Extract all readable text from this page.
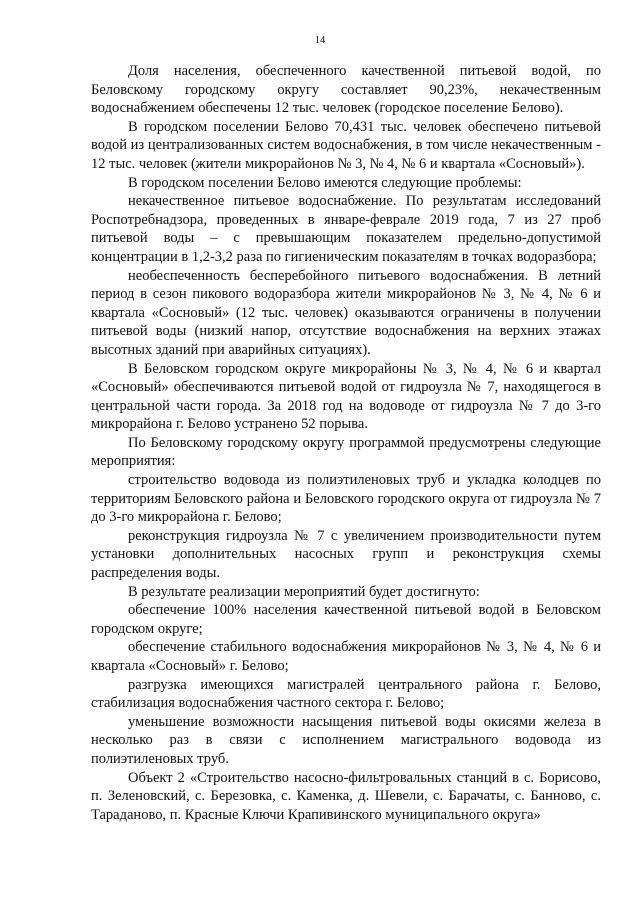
14

Доля населения, обеспеченного качественной питьевой водой, по Беловскому городскому округу составляет 90,23%, некачественным водоснабжением обеспечены 12 тыс. человек (городское поселение Белово).

В городском поселении Белово 70,431 тыс. человек обеспечено питьевой водой из централизованных систем водоснабжения, в том числе некачественным - 12 тыс. человек (жители микрорайонов № 3, № 4, № 6 и квартала «Сосновый»).

В городском поселении Белово имеются следующие проблемы:

некачественное питьевое водоснабжение. По результатам исследований Роспотребнадзора, проведенных в январе-феврале 2019 года, 7 из 27 проб питьевой воды – с превышающим показателем предельно-допустимой концентрации в 1,2-3,2 раза по гигиеническим показателям в точках водоразбора;

необеспеченность бесперебойного питьевого водоснабжения. В летний период в сезон пикового водоразбора жители микрорайонов № 3, № 4, № 6 и квартала «Сосновый» (12 тыс. человек) оказываются ограничены в получении питьевой воды (низкий напор, отсутствие водоснабжения на верхних этажах высотных зданий при аварийных ситуациях).

В Беловском городском округе микрорайоны № 3, № 4, № 6 и квартал «Сосновый» обеспечиваются питьевой водой от гидроузла № 7, находящегося в центральной части города. За 2018 год на водоводе от гидроузла № 7 до 3-го микрорайона г. Белово устранено 52 порыва.

По Беловскому городскому округу программой предусмотрены следующие мероприятия:

строительство водовода из полиэтиленовых труб и укладка колодцев по территориям Беловского района и Беловского городского округа от гидроузла № 7 до 3-го микрорайона г. Белово;

реконструкция гидроузла № 7 с увеличением производительности путем установки дополнительных насосных групп и реконструкция схемы распределения воды.

В результате реализации мероприятий будет достигнуто:

обеспечение 100% населения качественной питьевой водой в Беловском городском округе;

обеспечение стабильного водоснабжения микрорайонов № 3, № 4, № 6 и квартала «Сосновый» г. Белово;

разгрузка имеющихся магистралей центрального района г. Белово, стабилизация водоснабжения частного сектора г. Белово;

уменьшение возможности насыщения питьевой воды окисями железа в несколько раз в связи с исполнением магистрального водовода из полиэтиленовых труб.

Объект 2 «Строительство насосно-фильтровальных станций в с. Борисово, п. Зеленовский, с. Березовка, с. Каменка, д. Шевели, с. Барачаты, с. Банново, с. Тараданово, п. Красные Ключи Крапивинского муниципального округа»
